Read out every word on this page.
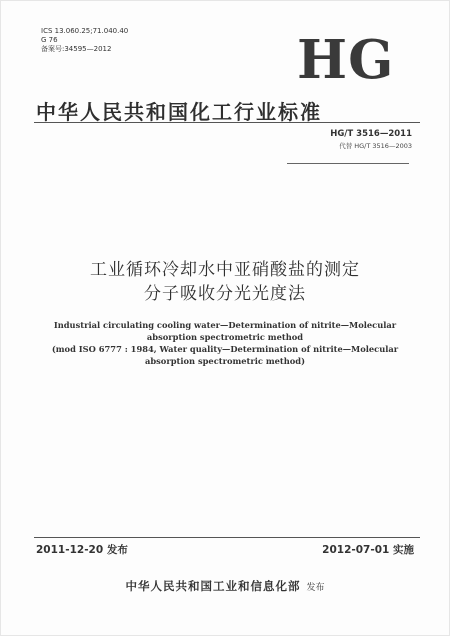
ICS 13.060.25;71.040.40
G 76
备案号:34595—2012	HG
中华人民共和国化工行业标准
HG/T 3516—2011
代替 HG/T 3516—2003
工业循环冷却水中亚硝酸盐的测定
分子吸收分光光度法
Industrial circulating cooling water—Determination of nitrite—Molecular
absorption spectrometric method
(mod ISO 6777 : 1984, Water quality—Determination of nitrite—Molecular
absorption spectrometric method)
2011-12-20 发布	2012-07-01 实施
中华人民共和国工业和信息化部 发布
